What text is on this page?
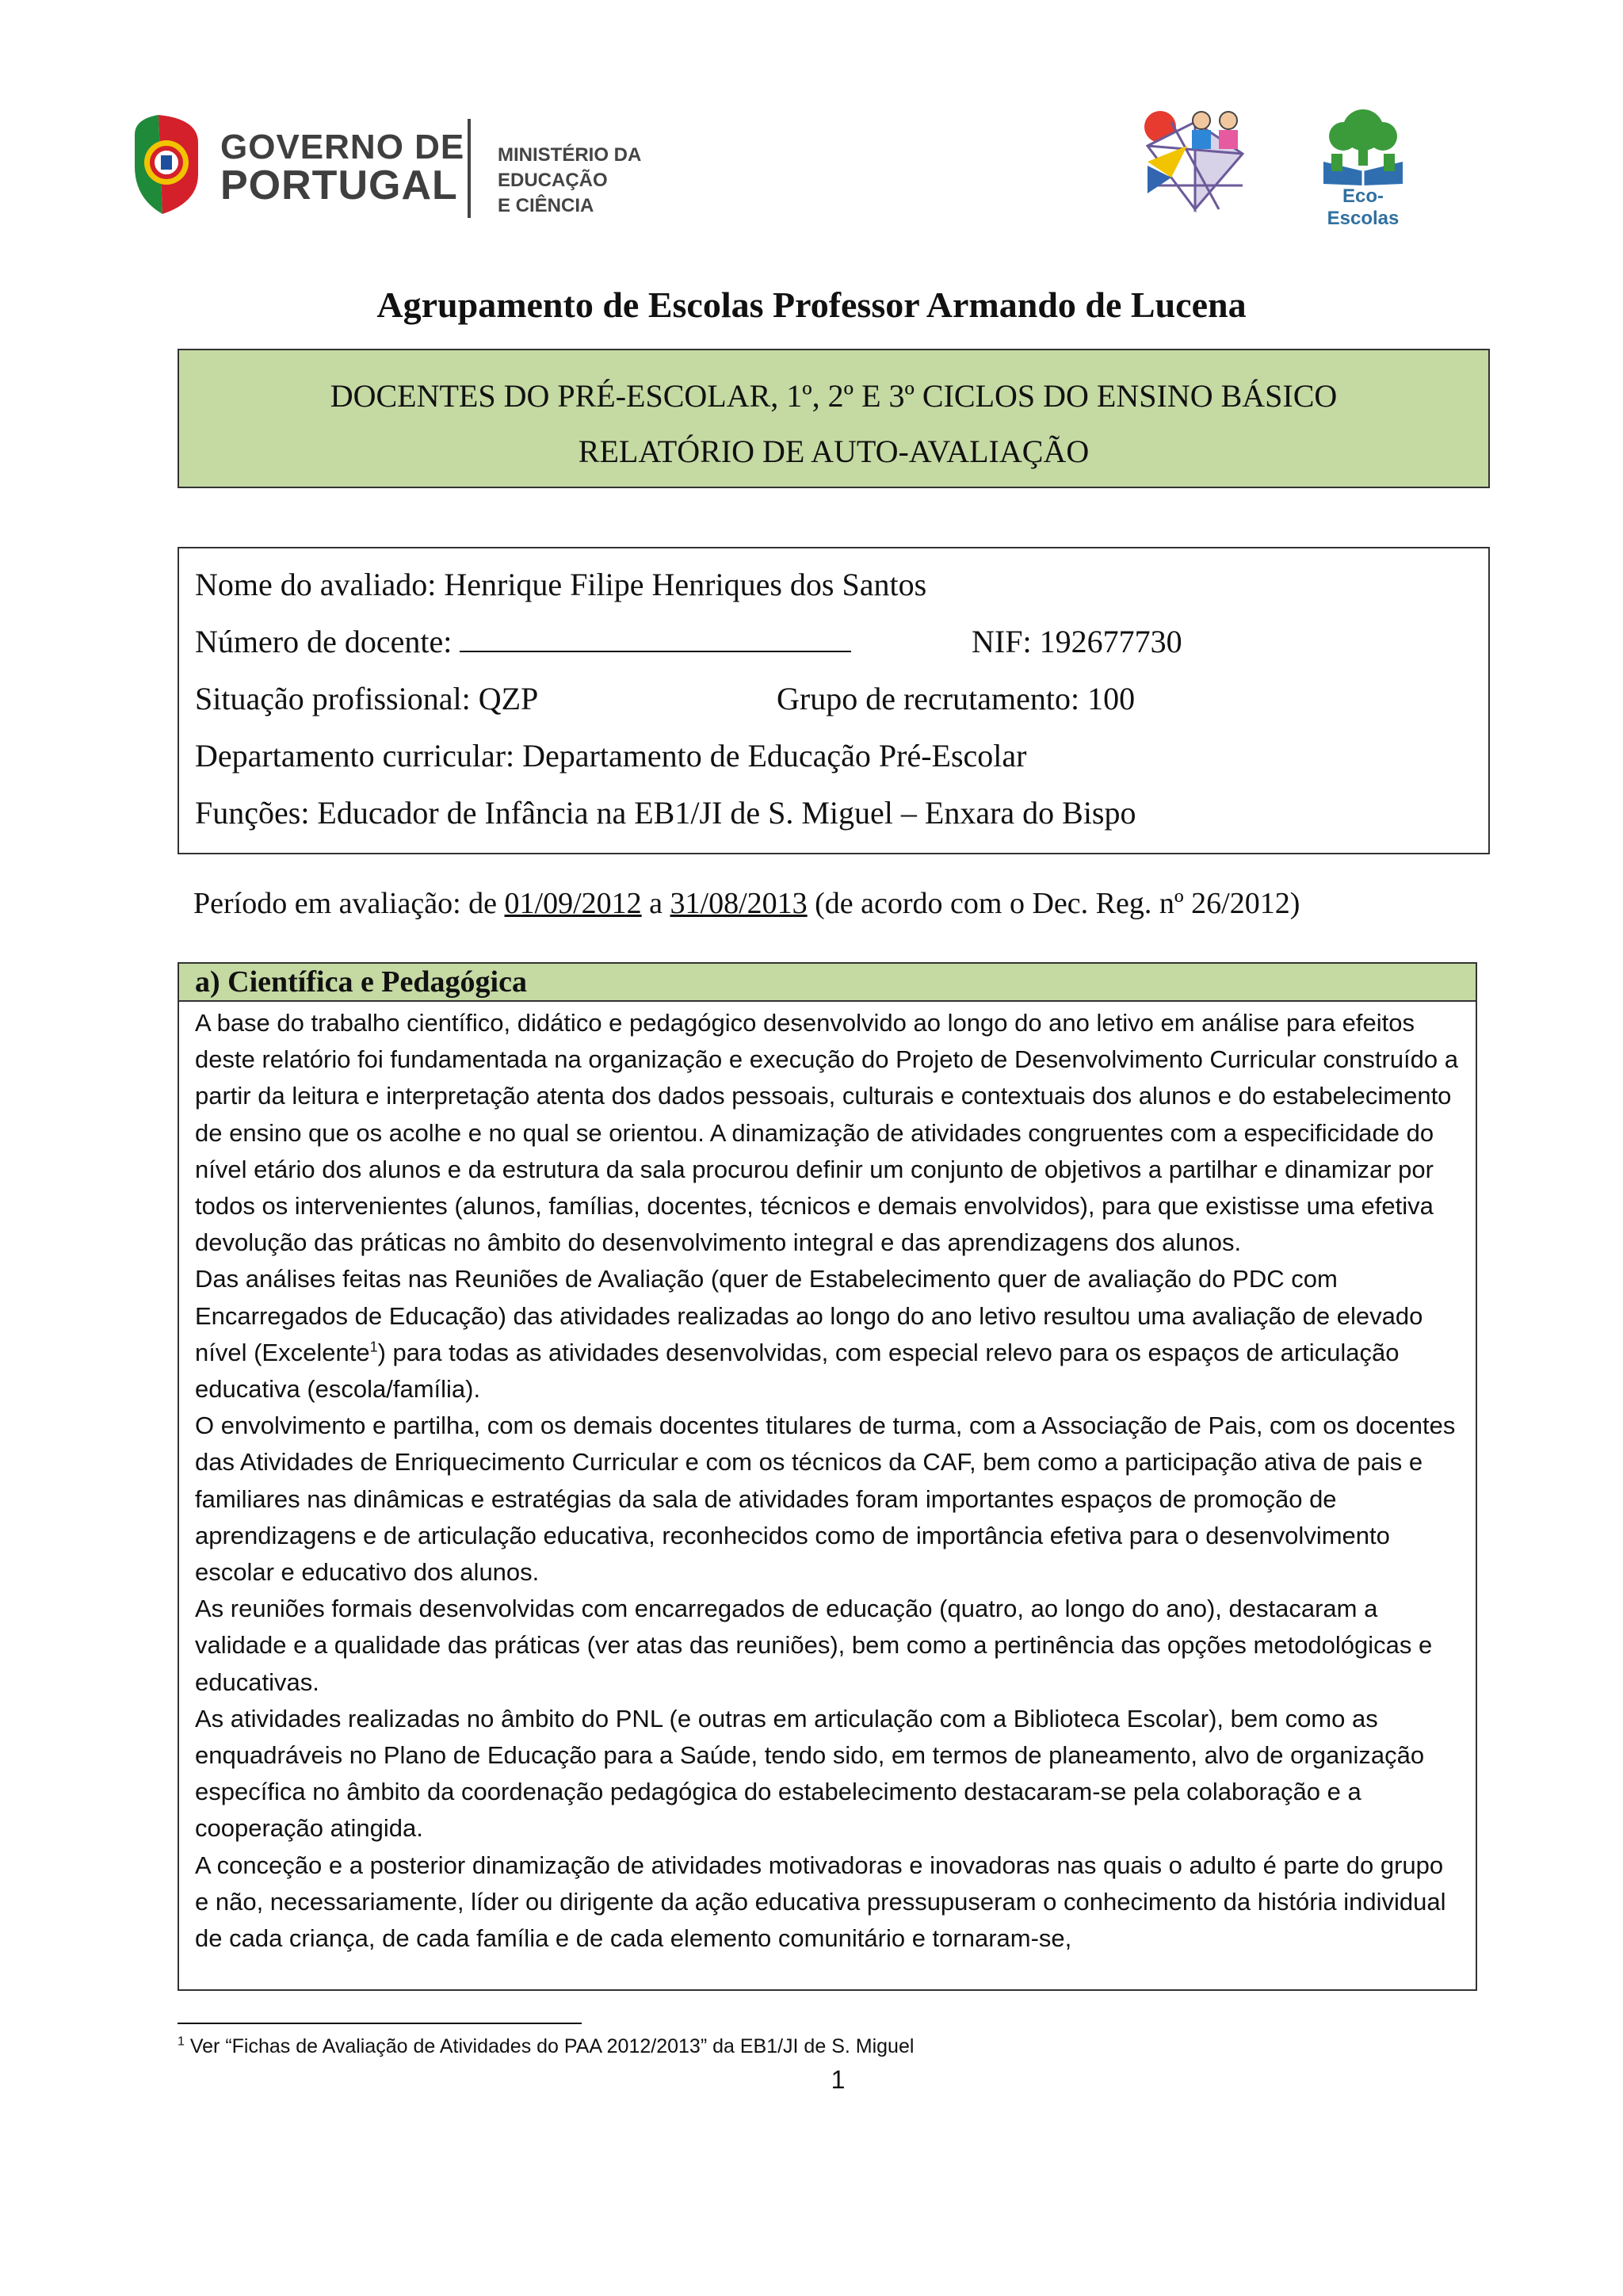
GOVERNO DE
PORTUGAL
MINISTÉRIO DA EDUCAÇÃO
E CIÊNCIA	Eco-Escolas
Agrupamento de Escolas Professor Armando de Lucena
DOCENTES DO PRÉ-ESCOLAR, 1º, 2º E 3º CICLOS DO ENSINO BÁSICO
RELATÓRIO DE AUTO-AVALIAÇÃO
Nome do avaliado: Henrique Filipe Henriques dos Santos
Número de docente:	NIF: 192677730
Situação profissional: QZP	Grupo de recrutamento: 100
Departamento curricular: Departamento de Educação Pré-Escolar
Funções: Educador de Infância na EB1/JI de S. Miguel – Enxara do Bispo
Período em avaliação: de 01/09/2012 a 31/08/2013 (de acordo com o Dec. Reg. nº 26/2012)
a) Científica e Pedagógica

A base do trabalho científico, didático e pedagógico desenvolvido ao longo do ano letivo em análise para efeitos deste relatório foi fundamentada na organização e execução do Projeto de Desenvolvimento Curricular construído a partir da leitura e interpretação atenta dos dados pessoais, culturais e contextuais dos alunos e do estabelecimento de ensino que os acolhe e no qual se orientou. A dinamização de atividades congruentes com a especificidade do nível etário dos alunos e da estrutura da sala procurou definir um conjunto de objetivos a partilhar e dinamizar por todos os intervenientes (alunos, famílias, docentes, técnicos e demais envolvidos), para que existisse uma efetiva devolução das práticas no âmbito do desenvolvimento integral e das aprendizagens dos alunos.

Das análises feitas nas Reuniões de Avaliação (quer de Estabelecimento quer de avaliação do PDC com Encarregados de Educação) das atividades realizadas ao longo do ano letivo resultou uma avaliação de elevado nível (Excelente$^1$) para todas as atividades desenvolvidas, com especial relevo para os espaços de articulação educativa (escola/família).

O envolvimento e partilha, com os demais docentes titulares de turma, com a Associação de Pais, com os docentes das Atividades de Enriquecimento Curricular e com os técnicos da CAF, bem como a participação ativa de pais e familiares nas dinâmicas e estratégias da sala de atividades foram importantes espaços de promoção de aprendizagens e de articulação educativa, reconhecidos como de importância efetiva para o desenvolvimento escolar e educativo dos alunos.

As reuniões formais desenvolvidas com encarregados de educação (quatro, ao longo do ano), destacaram a validade e a qualidade das práticas (ver atas das reuniões), bem como a pertinência das opções metodológicas e educativas.

As atividades realizadas no âmbito do PNL (e outras em articulação com a Biblioteca Escolar), bem como as enquadráveis no Plano de Educação para a Saúde, tendo sido, em termos de planeamento, alvo de organização específica no âmbito da coordenação pedagógica do estabelecimento destacaram-se pela colaboração e a cooperação atingida.

A conceção e a posterior dinamização de atividades motivadoras e inovadoras nas quais o adulto é parte do grupo e não, necessariamente, líder ou dirigente da ação educativa pressupuseram o conhecimento da história individual de cada criança, de cada família e de cada elemento comunitário e tornaram-se,

$^1$ Ver “Fichas de Avaliação de Atividades do PAA 2012/2013” da EB1/JI de S. Miguel
1
